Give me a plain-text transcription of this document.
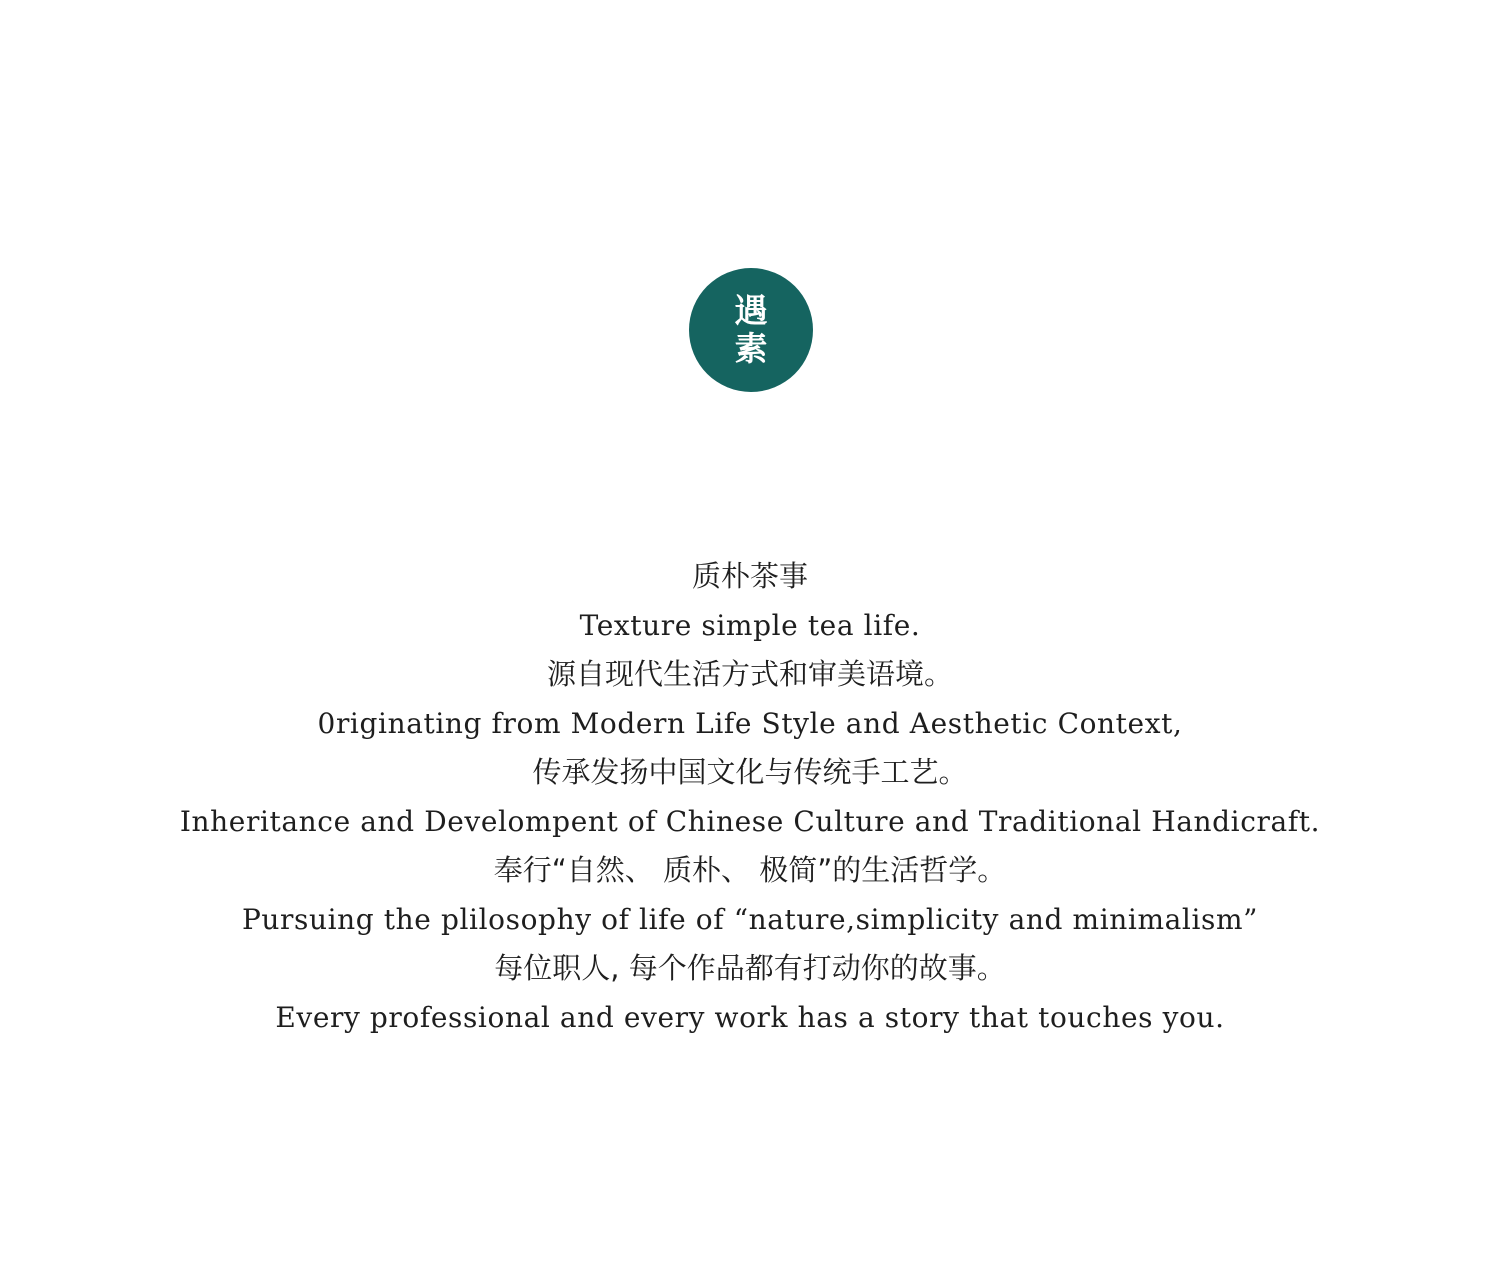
遇
素
质朴茶事
Texture simple tea life.
源自现代生活方式和审美语境。
0riginating from Modern Life Style and Aesthetic Context,
传承发扬中国文化与传统手工艺。
Inheritance and Develompent of Chinese Culture and Traditional Handicraft.
奉行“自然、 质朴、 极简”的生活哲学。
Pursuing the plilosophy of life of “nature,simplicity and minimalism”
每位职人, 每个作品都有打动你的故事。
Every professional and every work has a story that touches you.
